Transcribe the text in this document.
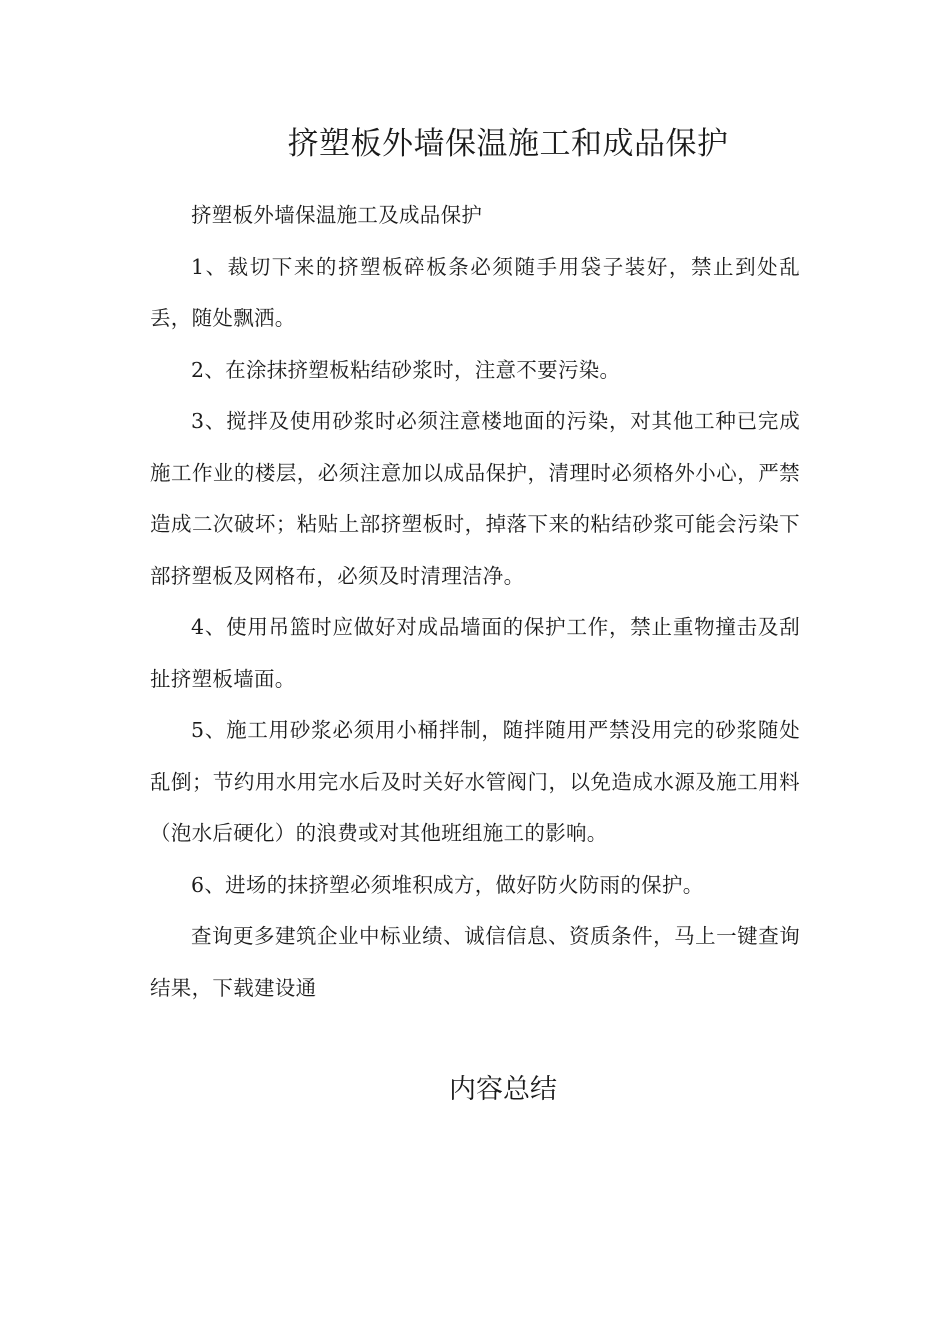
挤塑板外墙保温施工和成品保护

挤塑板外墙保温施工及成品保护

1、裁切下来的挤塑板碎板条必须随手用袋子装好，禁止到处乱丢，随处飘洒。

2、在涂抹挤塑板粘结砂浆时，注意不要污染。

3、搅拌及使用砂浆时必须注意楼地面的污染，对其他工种已完成施工作业的楼层，必须注意加以成品保护，清理时必须格外小心，严禁造成二次破坏；粘贴上部挤塑板时，掉落下来的粘结砂浆可能会污染下部挤塑板及网格布，必须及时清理洁净。

4、使用吊篮时应做好对成品墙面的保护工作，禁止重物撞击及刮扯挤塑板墙面。

5、施工用砂浆必须用小桶拌制，随拌随用严禁没用完的砂浆随处乱倒；节约用水用完水后及时关好水管阀门，以免造成水源及施工用料（泡水后硬化）的浪费或对其他班组施工的影响。

6、进场的抹挤塑必须堆积成方，做好防火防雨的保护。

查询更多建筑企业中标业绩、诚信信息、资质条件，马上一键查询结果，下载建设通

内容总结
